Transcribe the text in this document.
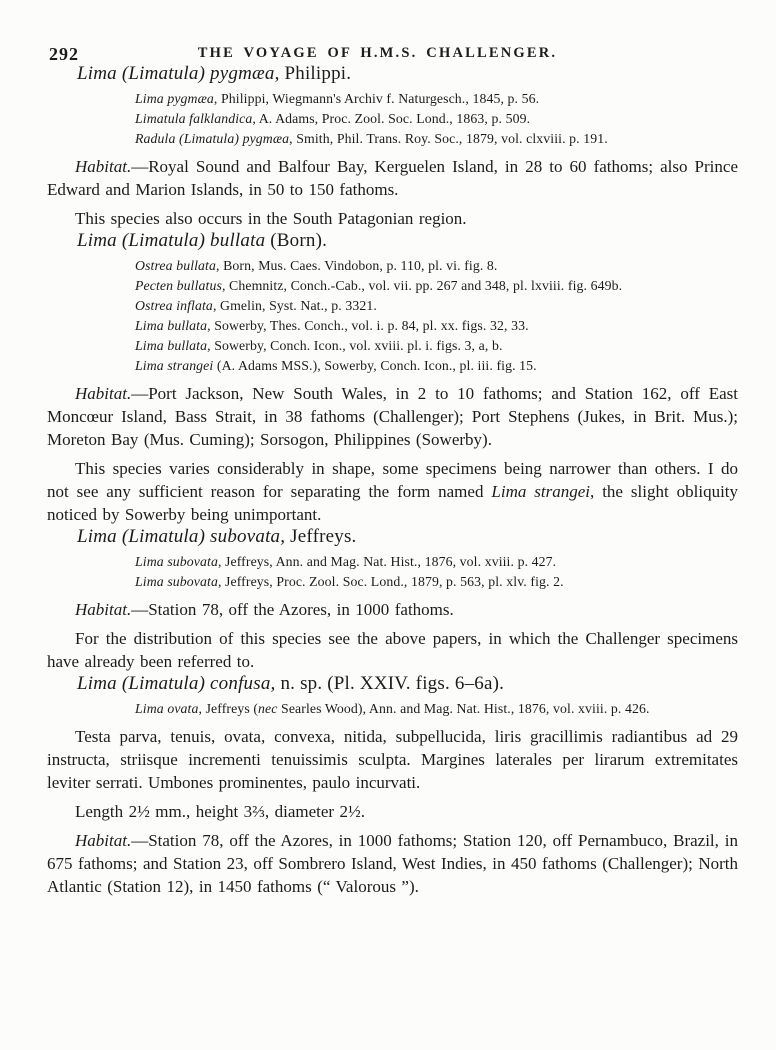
292	THE VOYAGE OF H.M.S. CHALLENGER.
Lima (Limatula) pygmæa, Philippi.
Lima pygmæa, Philippi, Wiegmann's Archiv f. Naturgesch., 1845, p. 56.
Limatula falklandica, A. Adams, Proc. Zool. Soc. Lond., 1863, p. 509.
Radula (Limatula) pygmæa, Smith, Phil. Trans. Roy. Soc., 1879, vol. clxviii. p. 191.

Habitat.—Royal Sound and Balfour Bay, Kerguelen Island, in 28 to 60 fathoms; also Prince Edward and Marion Islands, in 50 to 150 fathoms.

This species also occurs in the South Patagonian region.

Lima (Limatula) bullata (Born).
Ostrea bullata, Born, Mus. Caes. Vindobon, p. 110, pl. vi. fig. 8.
Pecten bullatus, Chemnitz, Conch.-Cab., vol. vii. pp. 267 and 348, pl. lxviii. fig. 649b.
Ostrea inflata, Gmelin, Syst. Nat., p. 3321.
Lima bullata, Sowerby, Thes. Conch., vol. i. p. 84, pl. xx. figs. 32, 33.
Lima bullata, Sowerby, Conch. Icon., vol. xviii. pl. i. figs. 3, a, b.
Lima strangei (A. Adams MSS.), Sowerby, Conch. Icon., pl. iii. fig. 15.

Habitat.—Port Jackson, New South Wales, in 2 to 10 fathoms; and Station 162, off East Moncœur Island, Bass Strait, in 38 fathoms (Challenger); Port Stephens (Jukes, in Brit. Mus.); Moreton Bay (Mus. Cuming); Sorsogon, Philippines (Sowerby).

This species varies considerably in shape, some specimens being narrower than others. I do not see any sufficient reason for separating the form named Lima strangei, the slight obliquity noticed by Sowerby being unimportant.

Lima (Limatula) subovata, Jeffreys.
Lima subovata, Jeffreys, Ann. and Mag. Nat. Hist., 1876, vol. xviii. p. 427.
Lima subovata, Jeffreys, Proc. Zool. Soc. Lond., 1879, p. 563, pl. xlv. fig. 2.

Habitat.—Station 78, off the Azores, in 1000 fathoms.

For the distribution of this species see the above papers, in which the Challenger specimens have already been referred to.

Lima (Limatula) confusa, n. sp. (Pl. XXIV. figs. 6–6a).
Lima ovata, Jeffreys (nec Searles Wood), Ann. and Mag. Nat. Hist., 1876, vol. xviii. p. 426.

Testa parva, tenuis, ovata, convexa, nitida, subpellucida, liris gracillimis radiantibus ad 29 instructa, striisque incrementi tenuissimis sculpta. Margines laterales per lirarum extremitates leviter serrati. Umbones prominentes, paulo incurvati.

Length 2½ mm., height 3⅔, diameter 2½.

Habitat.—Station 78, off the Azores, in 1000 fathoms; Station 120, off Pernambuco, Brazil, in 675 fathoms; and Station 23, off Sombrero Island, West Indies, in 450 fathoms (Challenger); North Atlantic (Station 12), in 1450 fathoms (“ Valorous ”).
